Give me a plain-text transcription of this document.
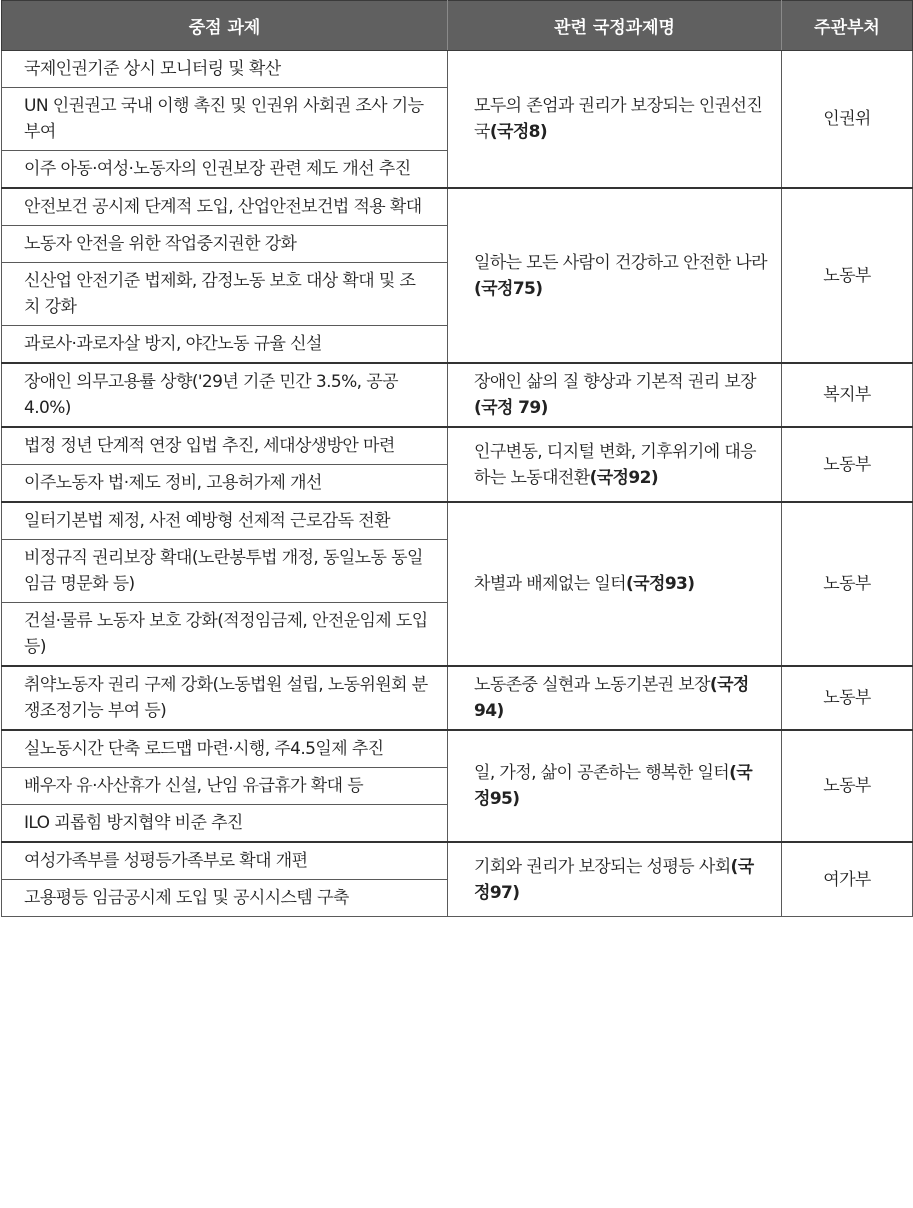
중점 과제	관련 국정과제명	주관부처
국제인권기준 상시 모니터링 및 확산	모두의 존엄과 권리가 보장되는 인권선진국(국정8)	인권위
UN 인권권고 국내 이행 촉진 및 인권위 사회권 조사 기능 부여		
이주 아동·여성·노동자의 인권보장 관련 제도 개선 추진		
안전보건 공시제 단계적 도입, 산업안전보건법 적용 확대	일하는 모든 사람이 건강하고 안전한 나라(국정75)	노동부
노동자 안전을 위한 작업중지권한 강화		
신산업 안전기준 법제화, 감정노동 보호 대상 확대 및 조치 강화		
과로사·과로자살 방지, 야간노동 규율 신설		
장애인 의무고용률 상향('29년 기준 민간 3.5%, 공공 4.0%)	장애인 삶의 질 향상과 기본적 권리 보장(국정 79)	복지부
법정 정년 단계적 연장 입법 추진, 세대상생방안 마련	인구변동, 디지털 변화, 기후위기에 대응하는 노동대전환(국정92)	노동부
이주노동자 법·제도 정비, 고용허가제 개선		
일터기본법 제정, 사전 예방형 선제적 근로감독 전환	차별과 배제없는 일터(국정93)	노동부
비정규직 권리보장 확대(노란봉투법 개정, 동일노동 동일임금 명문화 등)		
건설·물류 노동자 보호 강화(적정임금제, 안전운임제 도입 등)		
취약노동자 권리 구제 강화(노동법원 설립, 노동위원회 분쟁조정기능 부여 등)	노동존중 실현과 노동기본권 보장(국정94)	노동부
실노동시간 단축 로드맵 마련·시행, 주4.5일제 추진	일, 가정, 삶이 공존하는 행복한 일터(국정95)	노동부
배우자 유·사산휴가 신설, 난임 유급휴가 확대 등		
ILO 괴롭힘 방지협약 비준 추진		
여성가족부를 성평등가족부로 확대 개편	기회와 권리가 보장되는 성평등 사회(국정97)	여가부
고용평등 임금공시제 도입 및 공시시스템 구축		
